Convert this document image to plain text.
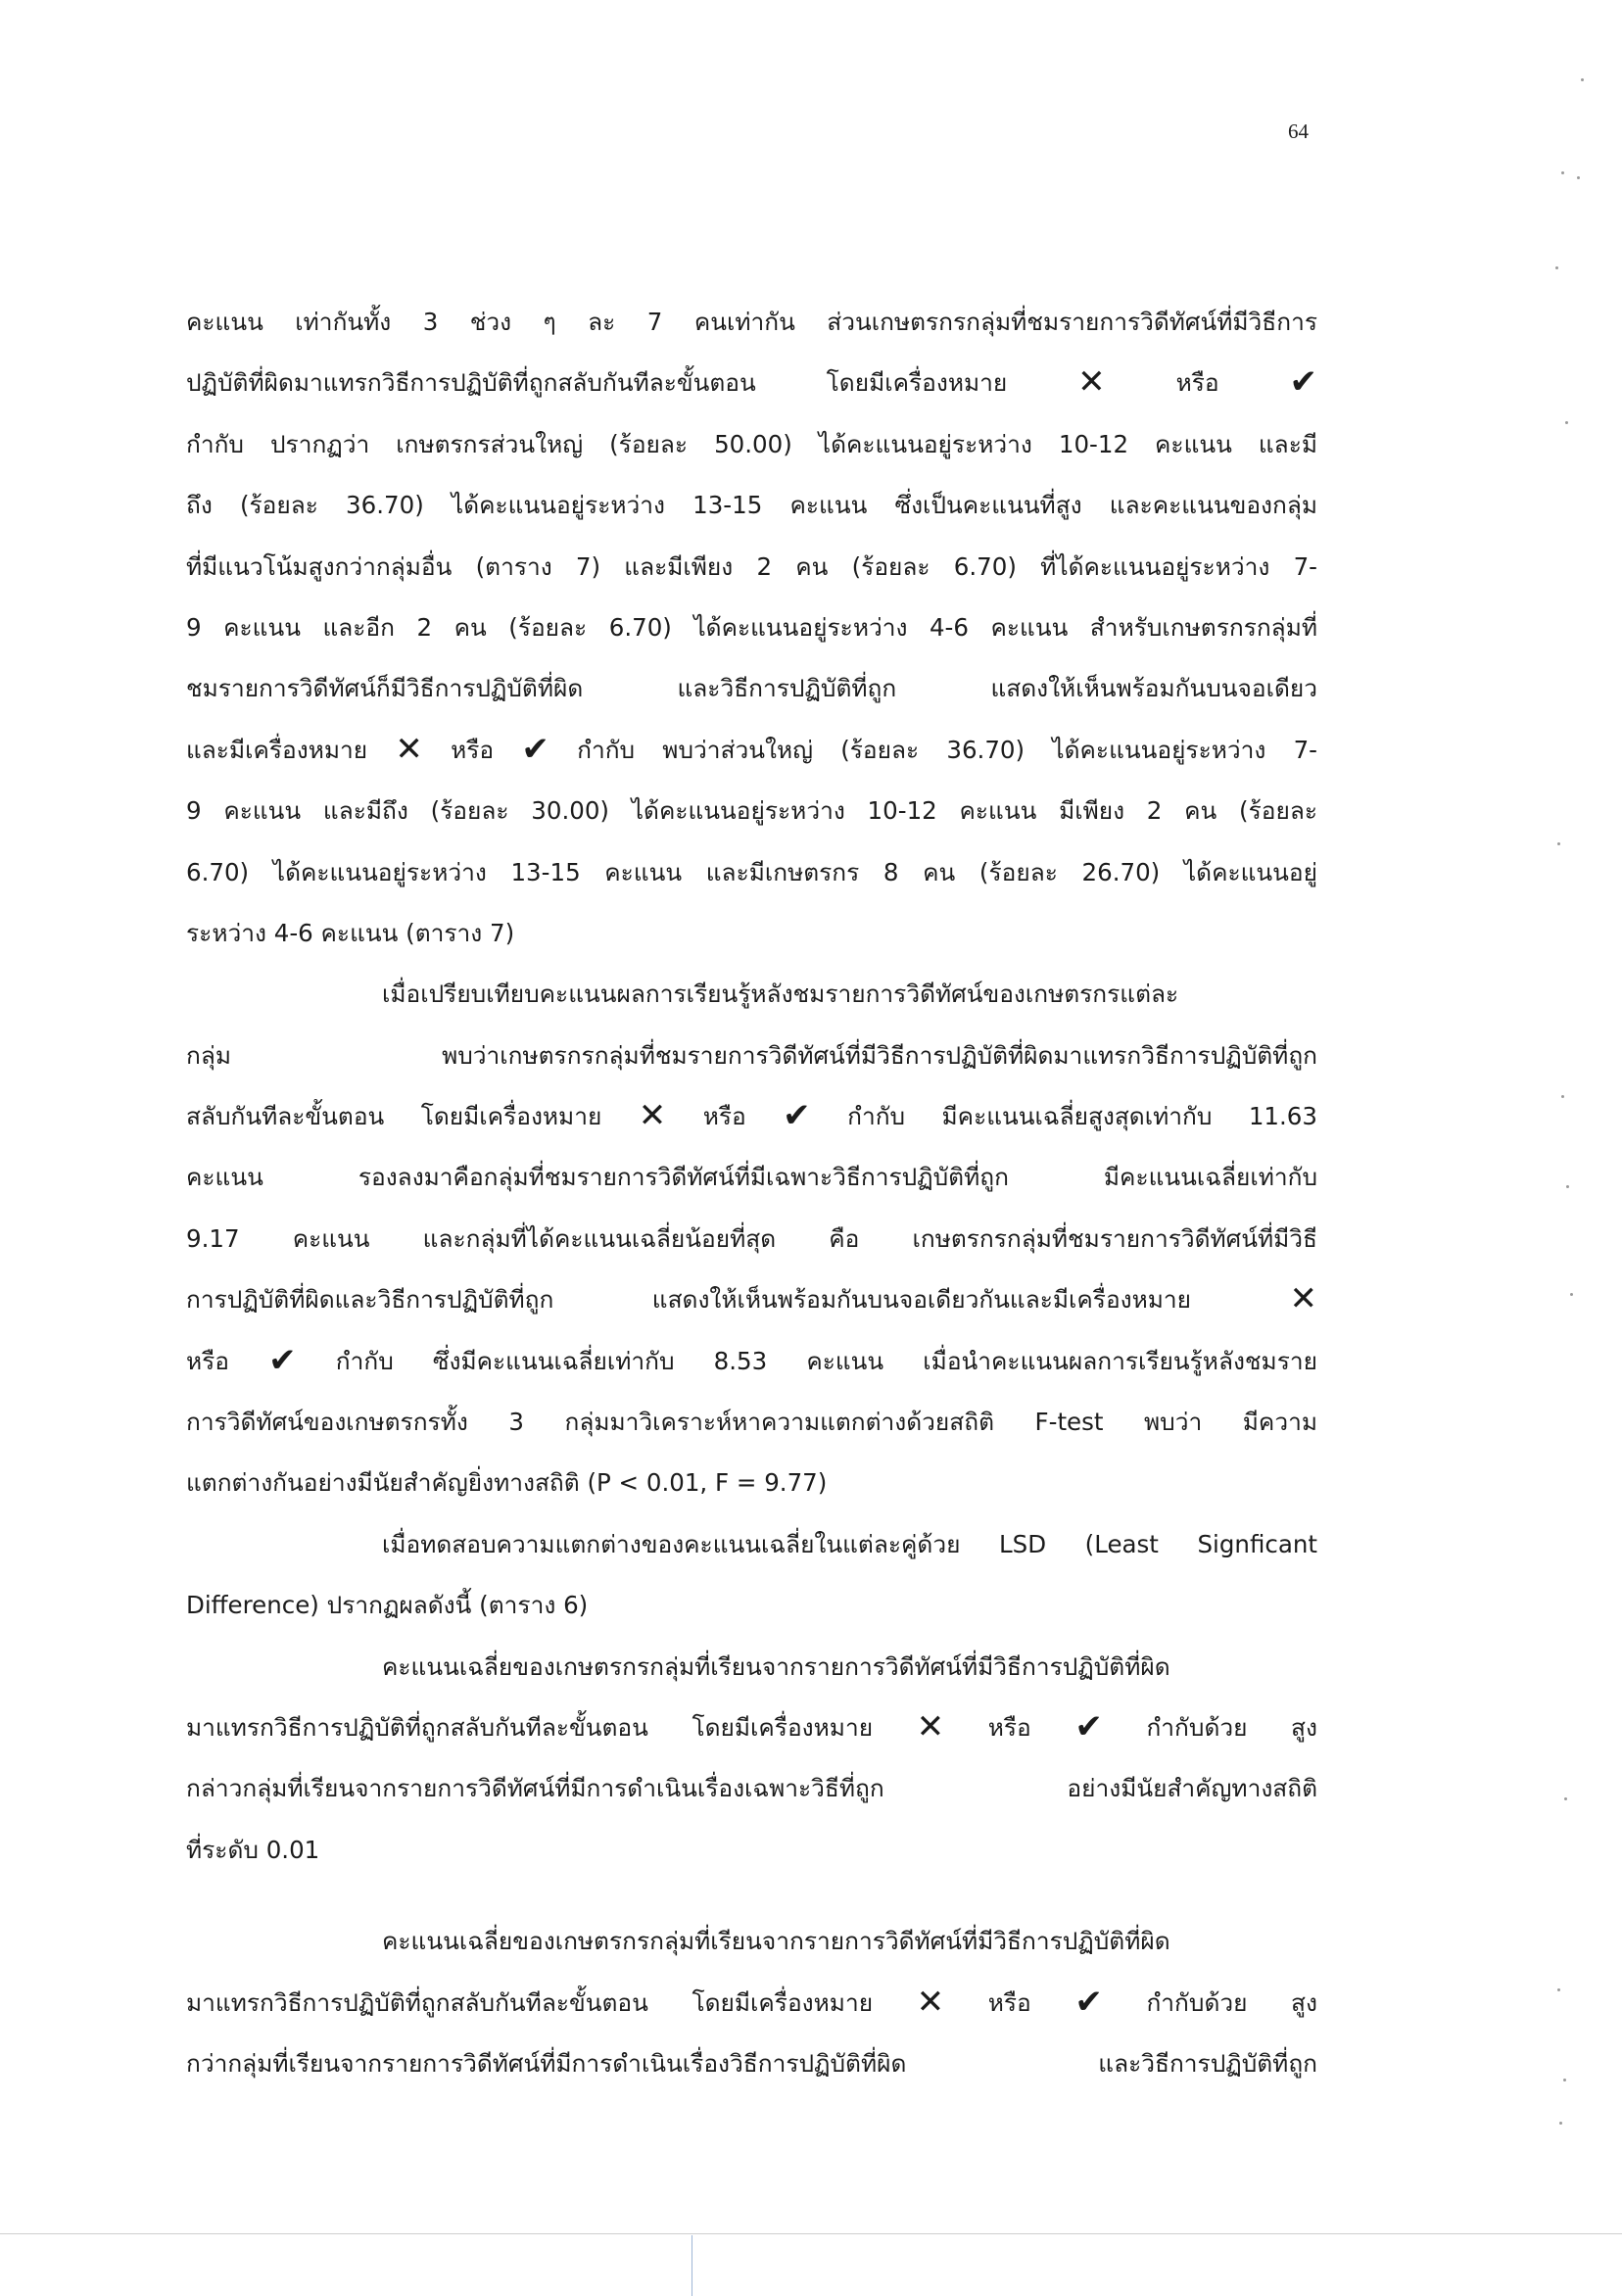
64
คะแนน เท่ากันทั้ง 3 ช่วง ๆ ละ 7 คนเท่ากัน ส่วนเกษตรกรกลุ่มที่ชมรายการวิดีทัศน์ที่มีวิธีการ
ปฏิบัติที่ผิดมาแทรกวิธีการปฏิบัติที่ถูกสลับกันทีละขั้นตอน โดยมีเครื่องหมาย ✕	หรือ ✔
กำกับ ปรากฏว่า เกษตรกรส่วนใหญ่ (ร้อยละ 50.00) ได้คะแนนอยู่ระหว่าง 10-12 คะแนน และมี
ถึง (ร้อยละ 36.70) ได้คะแนนอยู่ระหว่าง 13-15 คะแนน ซึ่งเป็นคะแนนที่สูง และคะแนนของกลุ่ม
ที่มีแนวโน้มสูงกว่ากลุ่มอื่น (ตาราง 7) และมีเพียง 2 คน (ร้อยละ 6.70) ที่ได้คะแนนอยู่ระหว่าง 7-
9 คะแนน และอีก 2 คน (ร้อยละ 6.70) ได้คะแนนอยู่ระหว่าง 4-6 คะแนน สำหรับเกษตรกรกลุ่มที่
ชมรายการวิดีทัศน์ก็มีวิธีการปฏิบัติที่ผิด และวิธีการปฏิบัติที่ถูก แสดงให้เห็นพร้อมกันบนจอเดียว
และมีเครื่องหมาย ✕ หรือ ✔ กำกับ พบว่าส่วนใหญ่ (ร้อยละ 36.70) ได้คะแนนอยู่ระหว่าง 7-
9 คะแนน และมีถึง (ร้อยละ 30.00) ได้คะแนนอยู่ระหว่าง 10-12 คะแนน มีเพียง 2 คน (ร้อยละ
6.70) ได้คะแนนอยู่ระหว่าง 13-15 คะแนน และมีเกษตรกร 8 คน (ร้อยละ 26.70) ได้คะแนนอยู่
ระหว่าง 4-6 คะแนน (ตาราง 7)
เมื่อเปรียบเทียบคะแนนผลการเรียนรู้หลังชมรายการวิดีทัศน์ของเกษตรกรแต่ละ
กลุ่ม พบว่าเกษตรกรกลุ่มที่ชมรายการวิดีทัศน์ที่มีวิธีการปฏิบัติที่ผิดมาแทรกวิธีการปฏิบัติที่ถูก
สลับกันทีละขั้นตอน โดยมีเครื่องหมาย ✕ หรือ ✔ กำกับ มีคะแนนเฉลี่ยสูงสุดเท่ากับ 11.63
คะแนน รองลงมาคือกลุ่มที่ชมรายการวิดีทัศน์ที่มีเฉพาะวิธีการปฏิบัติที่ถูก มีคะแนนเฉลี่ยเท่ากับ
9.17 คะแนน และกลุ่มที่ได้คะแนนเฉลี่ยน้อยที่สุด คือ เกษตรกรกลุ่มที่ชมรายการวิดีทัศน์ที่มีวิธี
การปฏิบัติที่ผิดและวิธีการปฏิบัติที่ถูก แสดงให้เห็นพร้อมกันบนจอเดียวกันและมีเครื่องหมาย	✕
หรือ ✔ กำกับ ซึ่งมีคะแนนเฉลี่ยเท่ากับ 8.53 คะแนน เมื่อนำคะแนนผลการเรียนรู้หลังชมราย
การวิดีทัศน์ของเกษตรกรทั้ง 3 กลุ่มมาวิเคราะห์หาความแตกต่างด้วยสถิติ F-test พบว่า มีความ
แตกต่างกันอย่างมีนัยสำคัญยิ่งทางสถิติ (P < 0.01, F = 9.77)
เมื่อทดสอบความแตกต่างของคะแนนเฉลี่ยในแต่ละคู่ด้วย LSD (Least Signficant
Difference) ปรากฏผลดังนี้ (ตาราง 6)
คะแนนเฉลี่ยของเกษตรกรกลุ่มที่เรียนจากรายการวิดีทัศน์ที่มีวิธีการปฏิบัติที่ผิด
มาแทรกวิธีการปฏิบัติที่ถูกสลับกันทีละขั้นตอน โดยมีเครื่องหมาย ✕ หรือ ✔ กำกับด้วย สูง
กล่าวกลุ่มที่เรียนจากรายการวิดีทัศน์ที่มีการดำเนินเรื่องเฉพาะวิธีที่ถูก อย่างมีนัยสำคัญทางสถิติ
ที่ระดับ 0.01
คะแนนเฉลี่ยของเกษตรกรกลุ่มที่เรียนจากรายการวิดีทัศน์ที่มีวิธีการปฏิบัติที่ผิด
มาแทรกวิธีการปฏิบัติที่ถูกสลับกันทีละขั้นตอน โดยมีเครื่องหมาย ✕ หรือ ✔ กำกับด้วย สูง
กว่ากลุ่มที่เรียนจากรายการวิดีทัศน์ที่มีการดำเนินเรื่องวิธีการปฏิบัติที่ผิด และวิธีการปฏิบัติที่ถูก
